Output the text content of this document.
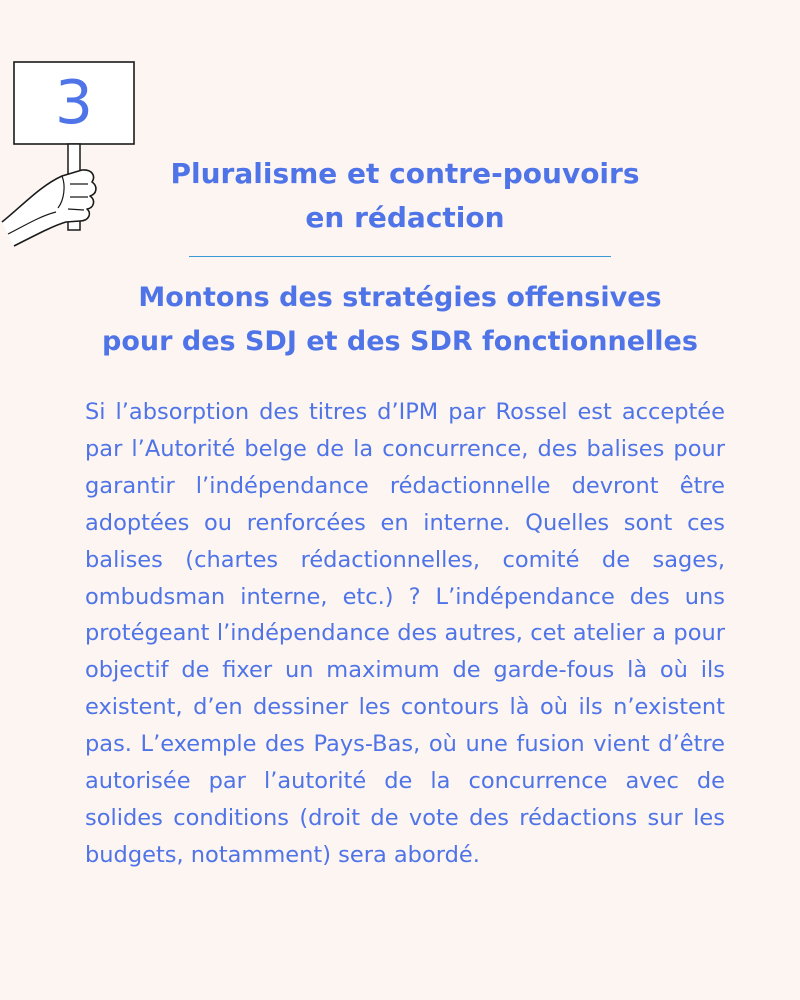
3
Pluralisme et contre-pouvoirs
en rédaction
Montons des stratégies offensives
pour des SDJ et des SDR fonctionnelles

Si l’absorption des titres d’IPM par Rossel est acceptée par l’Autorité belge de la concurrence, des balises pour garantir l’indépendance rédactionnelle devront être adoptées ou renforcées en interne. Quelles sont ces balises (chartes rédactionnelles, comité de sages, ombudsman interne, etc.) ? L’indépendance des uns protégeant l’indépendance des autres, cet atelier a pour objectif de fixer un maximum de garde-fous là où ils existent, d’en dessiner les contours là où ils n’existent pas. L’exemple des Pays-Bas, où une fusion vient d’être autorisée par l’autorité de la concurrence avec de solides conditions (droit de vote des rédactions sur les budgets, notamment) sera abordé.
